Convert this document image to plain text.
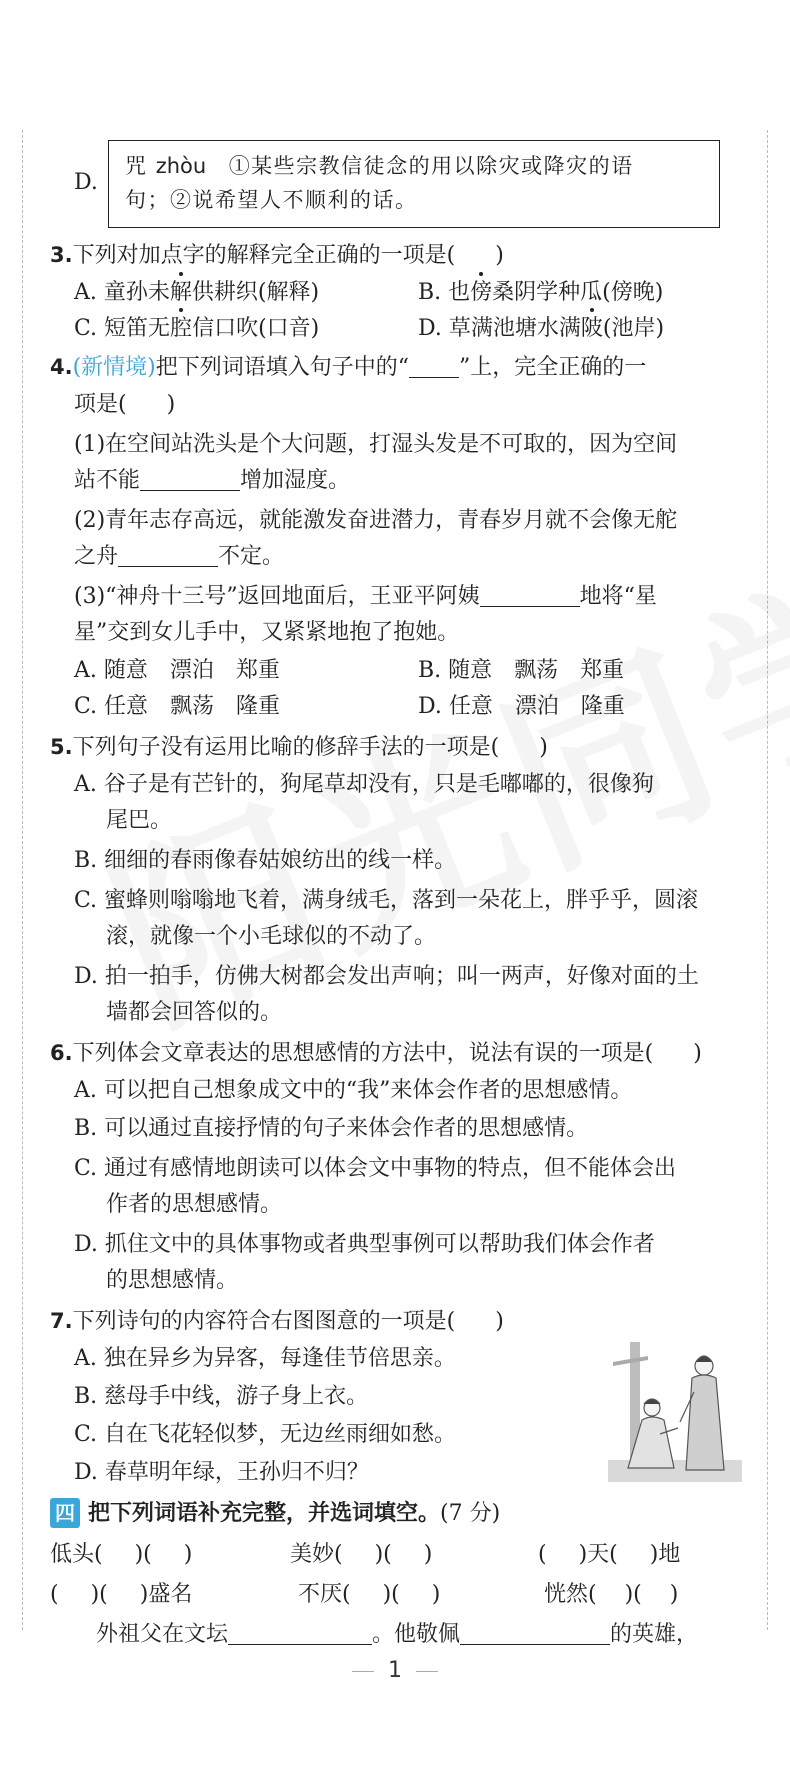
D.
咒 zhòu　 ①某些宗教信徒念的用以除灾或降灾的语
句；②说希望人不顺利的话。
3.下列对加点字的解释完全正确的一项是( )
A. 童孙未解供耕织(解释)	B. 也傍桑阴学种瓜(傍晚)
C. 短笛无腔信口吹(口音)	D. 草满池塘水满陂(池岸)
4.(新情境)把下列词语填入句子中的“ ”上，完全正确的一
项是( )
(1)在空间站洗头是个大问题，打湿头发是不可取的，因为空间
站不能	增加湿度。
(2)青年志存高远，就能激发奋进潜力，青春岁月就不会像无舵
之舟	不定。
(3)“神舟十三号”返回地面后，王亚平阿姨	地将“星
星”交到女儿手中，又紧紧地抱了抱她。
A. 随意　漂泊　郑重	B. 随意　飘荡　郑重
C. 任意　飘荡　隆重	D. 任意　漂泊　隆重
5.下列句子没有运用比喻的修辞手法的一项是( )
A. 谷子是有芒针的，狗尾草却没有，只是毛嘟嘟的，很像狗
尾巴。
B. 细细的春雨像春姑娘纺出的线一样。
C. 蜜蜂则嗡嗡地飞着，满身绒毛，落到一朵花上，胖乎乎，圆滚
滚，就像一个小毛球似的不动了。
D. 拍一拍手，仿佛大树都会发出声响；叫一两声，好像对面的土
墙都会回答似的。
6.下列体会文章表达的思想感情的方法中，说法有误的一项是( )
A. 可以把自己想象成文中的“我”来体会作者的思想感情。
B. 可以通过直接抒情的句子来体会作者的思想感情。
C. 通过有感情地朗读可以体会文中事物的特点，但不能体会出
作者的思想感情。
D. 抓住文中的具体事物或者典型事例可以帮助我们体会作者
的思想感情。
7.下列诗句的内容符合右图图意的一项是( )
A. 独在异乡为异客，每逢佳节倍思亲。
B. 慈母手中线，游子身上衣。
C. 自在飞花轻似梦，无边丝雨细如愁。
D. 春草明年绿，王孙归不归？
四 把下列词语补充完整，并选词填空。(7 分)
低头( )( )	美妙( )( )	( )天( )地
( )( )盛名	不厌( )( )	恍然( )( )
外祖父在文坛	。他敬佩	的英雄，
1
